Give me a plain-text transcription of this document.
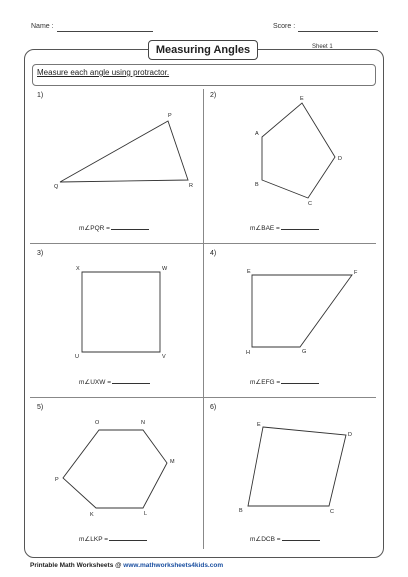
Name :	Score :
Measuring Angles	Sheet 1
Measure each angle using protractor.
1)	2)
3)	4)
5)	6)
P
Q	R
A
E
D
C
B
X	W
V
U
E	F
G
H
O	N
M
L
K
P
E
D
C
B
m∠PQR =	m∠BAE =
m∠UXW =	m∠EFG =
m∠LKP =	m∠DCB =
Printable Math Worksheets @ www.mathworksheets4kids.com
